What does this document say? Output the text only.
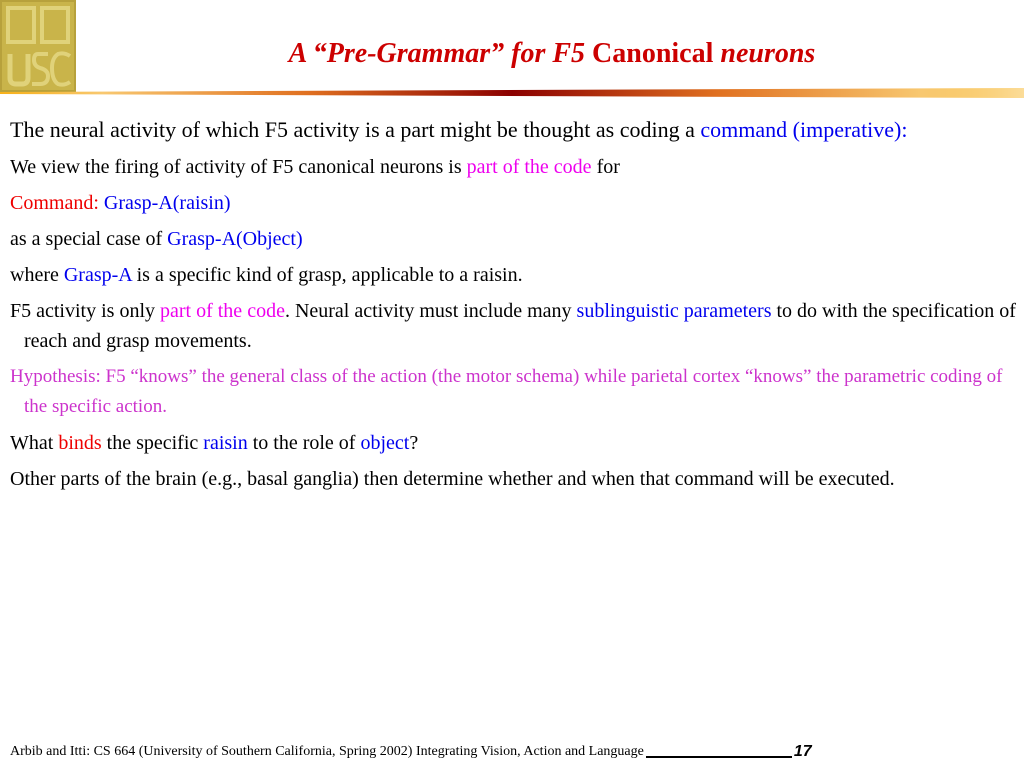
A “Pre-Grammar” for F5 Canonical neurons
The neural activity of which F5 activity is a part might be thought as coding a command (imperative):
We view the firing of activity of F5 canonical neurons is part of the code for
Command: Grasp-A(raisin)
as a special case of Grasp-A(Object)
where Grasp-A is a specific kind of grasp, applicable to a raisin.
F5 activity is only part of the code. Neural activity must include many sublinguistic parameters to do with the specification of reach and grasp movements.
Hypothesis: F5 “knows” the general class of the action (the motor schema) while parietal cortex “knows” the parametric coding of the specific action.
What binds the specific raisin to the role of object?
Other parts of the brain (e.g., basal ganglia) then determine whether and when that command will be executed.
Arbib and Itti: CS 664 (University of Southern California, Spring 2002) Integrating Vision, Action and Language	17
